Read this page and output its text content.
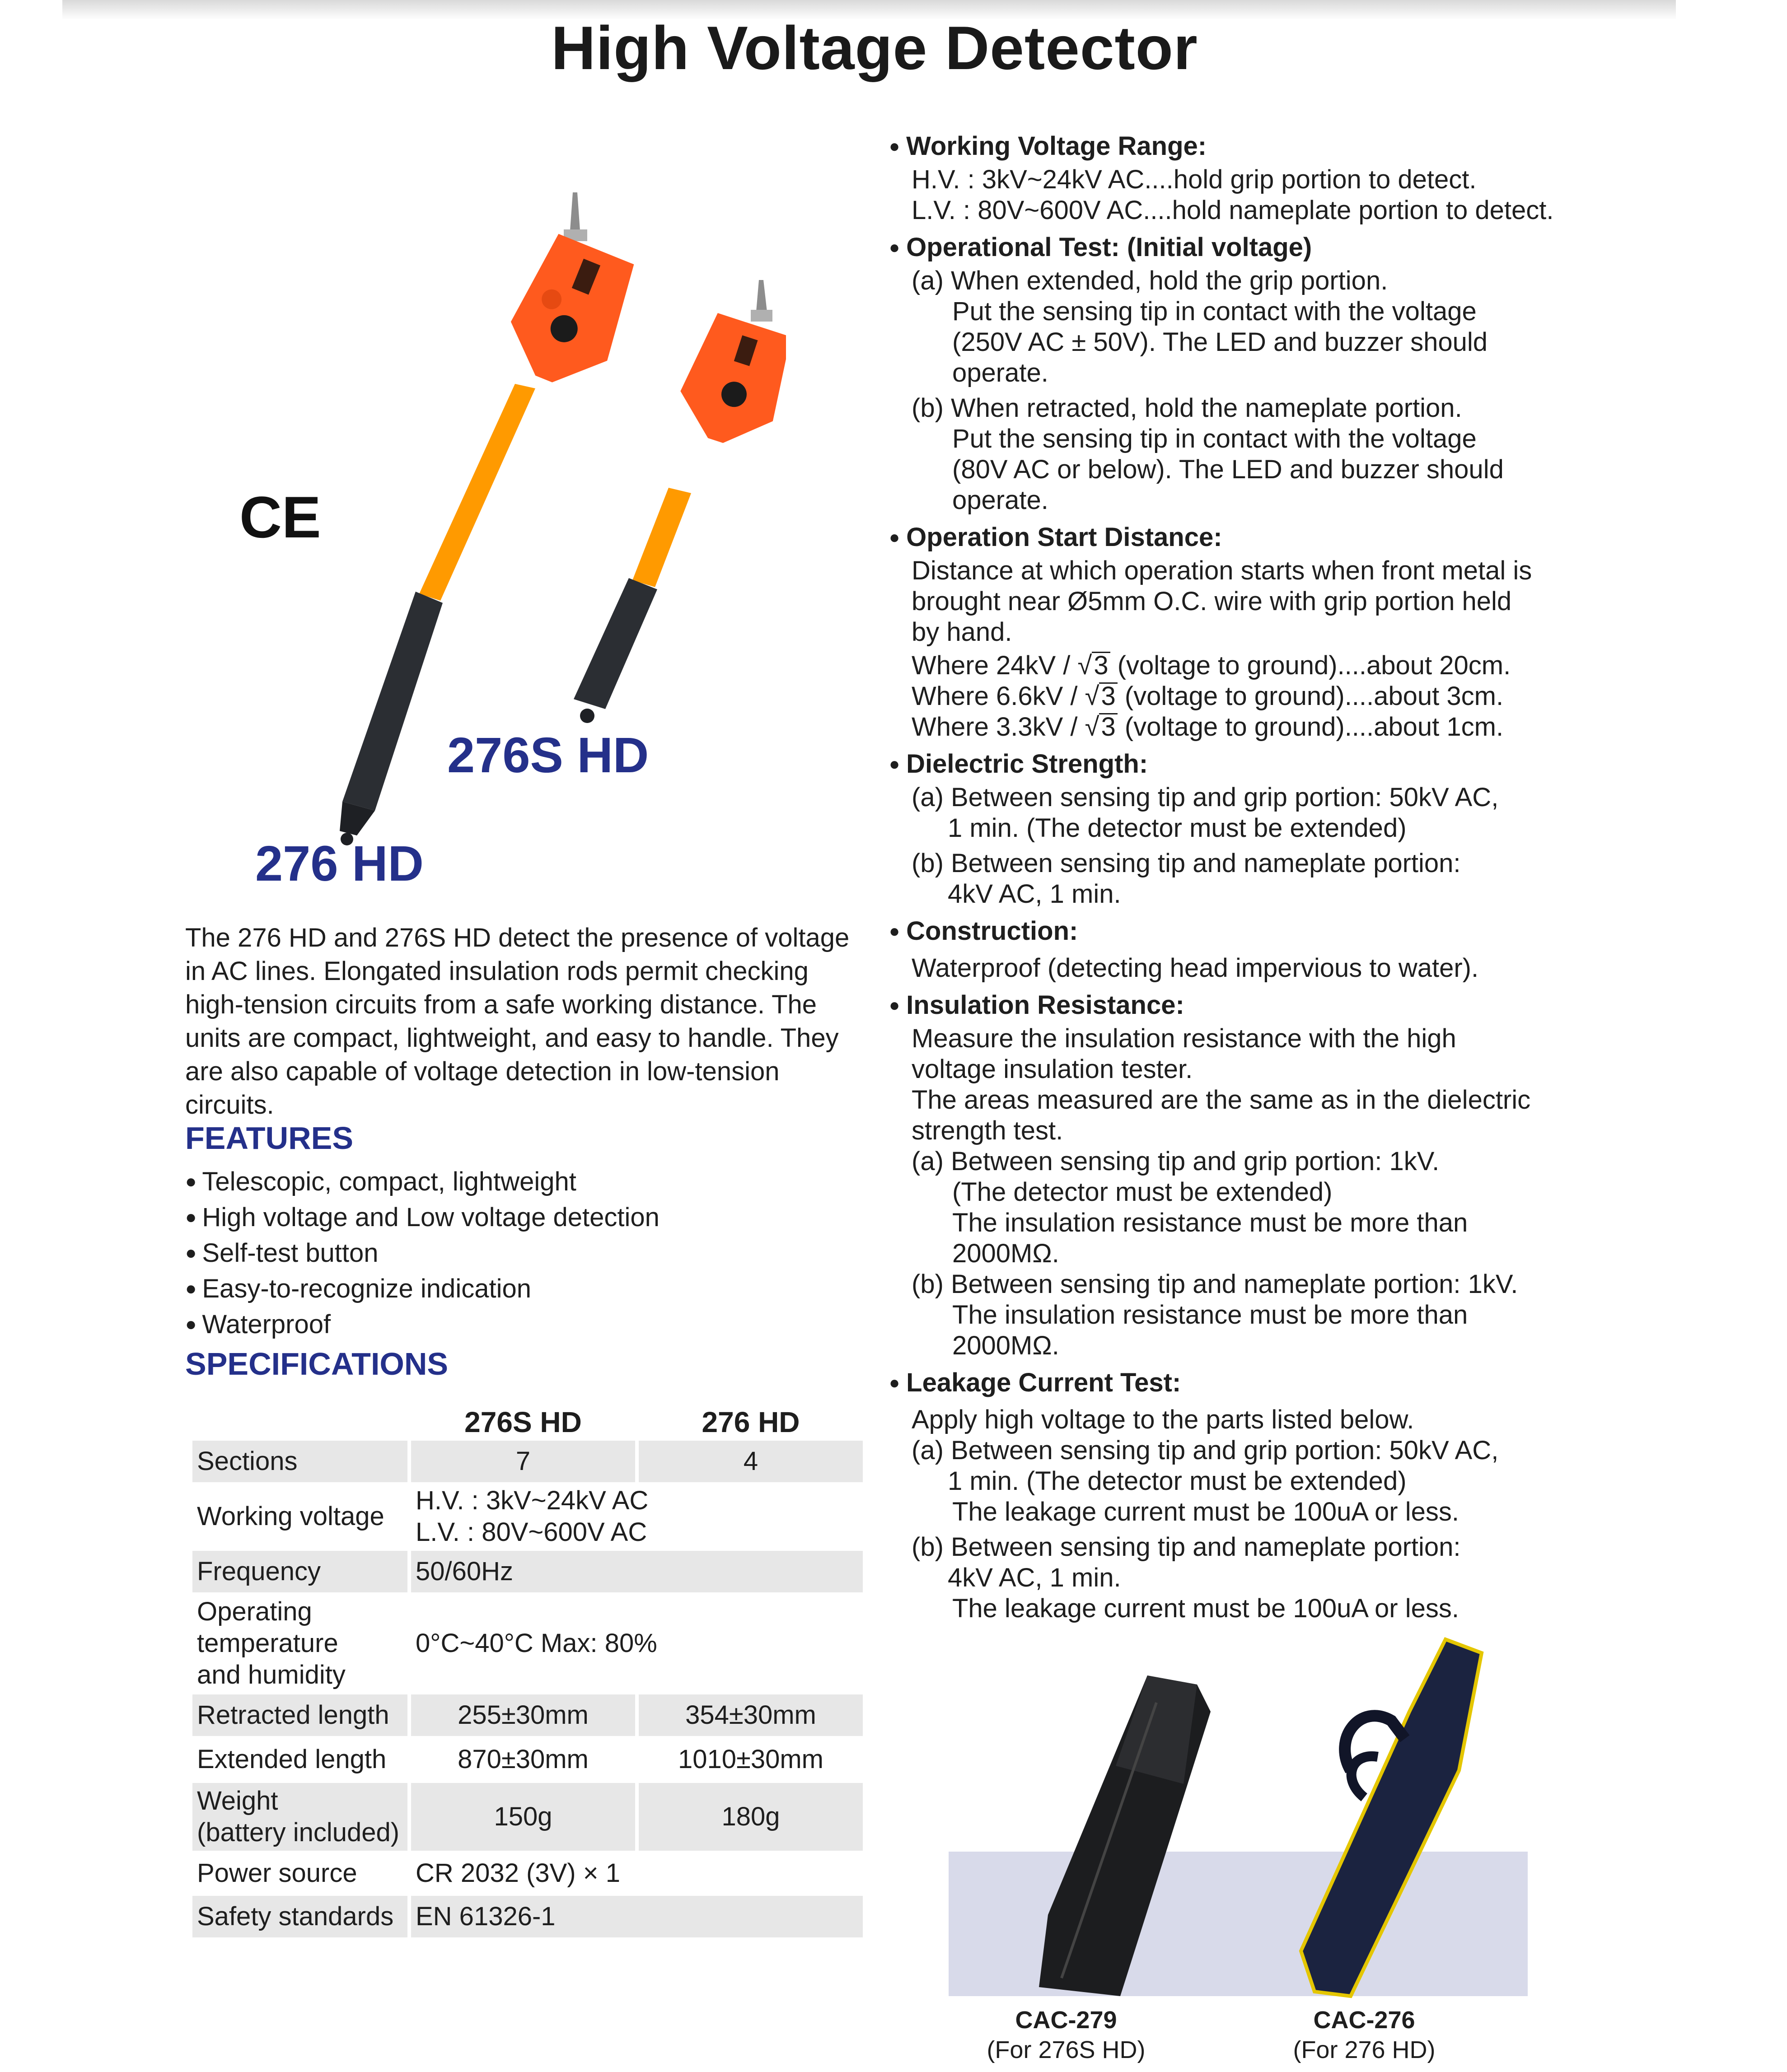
High Voltage Detector
CE
276S HD
276 HD
The 276 HD and 276S HD detect the presence of voltage in AC lines. Elongated insulation rods permit checking high-tension circuits from a safe working distance. The units are compact, lightweight, and easy to handle. They are also capable of voltage detection in low-tension circuits.
FEATURES
● Telescopic, compact, lightweight
● High voltage and Low voltage detection
● Self-test button
● Easy-to-recognize indication
● Waterproof
SPECIFICATIONS
	276S HD	276 HD
Sections	7	4
Working voltage	H.V. : 3kV~24kV AC
L.V. : 80V~600V AC	

Frequency	50/60Hz	

Operating
temperature
and humidity	0°C~40°C Max: 80%	
Retracted length	255±30mm	354±30mm
Extended length	870±30mm	1010±30mm

Weight
(battery included)	150g	180g
Power source	CR 2032 (3V) × 1	
Safety standards	EN 61326-1	
● Working Voltage Range:
H.V. : 3kV~24kV AC....hold grip portion to detect.
L.V. : 80V~600V AC....hold nameplate portion to detect.
● Operational Test: (Initial voltage)
(a) When extended, hold the grip portion.
Put the sensing tip in contact with the voltage
(250V AC ± 50V). The LED and buzzer should
operate.
(b) When retracted, hold the nameplate portion.
Put the sensing tip in contact with the voltage
(80V AC or below). The LED and buzzer should
operate.
● Operation Start Distance:
Distance at which operation starts when front metal is
brought near Ø5mm O.C. wire with grip portion held
by hand.
Where 24kV / √3 (voltage to ground)....about 20cm.
Where 6.6kV / √3 (voltage to ground)....about 3cm.
Where 3.3kV / √3 (voltage to ground)....about 1cm.
● Dielectric Strength:
(a) Between sensing tip and grip portion: 50kV AC,
1 min. (The detector must be extended)
(b) Between sensing tip and nameplate portion:
4kV AC, 1 min.
● Construction:
Waterproof (detecting head impervious to water).
● Insulation Resistance:
Measure the insulation resistance with the high
voltage insulation tester.
The areas measured are the same as in the dielectric
strength test.
(a) Between sensing tip and grip portion: 1kV.
(The detector must be extended)
The insulation resistance must be more than
2000MΩ.
(b) Between sensing tip and nameplate portion: 1kV.
The insulation resistance must be more than
2000MΩ.
● Leakage Current Test:
Apply high voltage to the parts listed below.
(a) Between sensing tip and grip portion: 50kV AC,
1 min. (The detector must be extended)
The leakage current must be 100uA or less.
(b) Between sensing tip and nameplate portion:
4kV AC, 1 min.
The leakage current must be 100uA or less.
CAC-279
(For 276S HD)
CAC-276
(For 276 HD)
